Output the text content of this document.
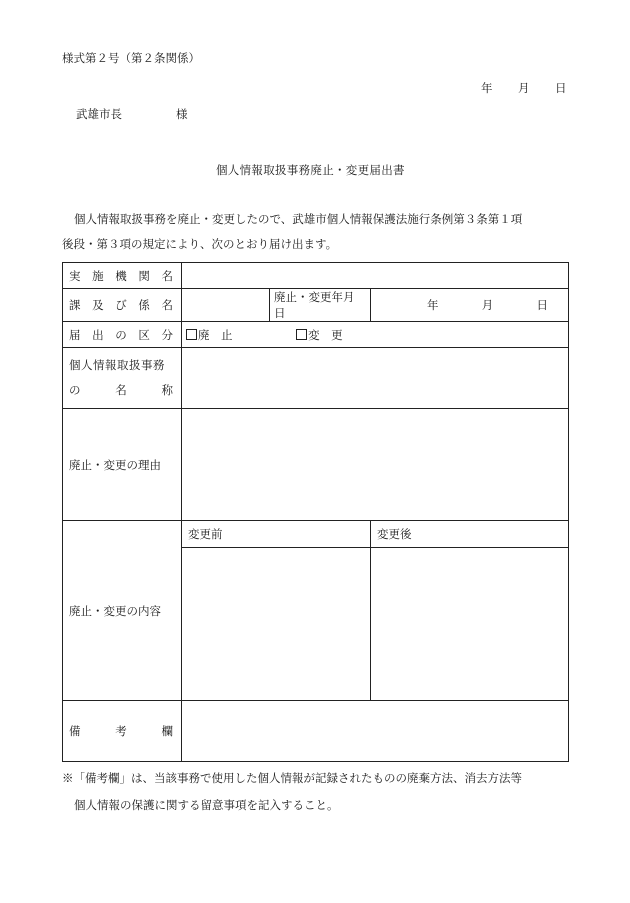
様式第２号（第２条関係）
年 月 日
武雄市長	様
個人情報取扱事務廃止・変更届出書
個人情報取扱事務を廃止・変更したので、武雄市個人情報保護法施行条例第３条第１項
後段・第３項の規定により、次のとおり届け出ます。
実 施 機 関 名			

課 及 び 係 名		廃止・変更年月日	年 月 日

届 出 の 区 分	廃　止 変　更		

個人情報取扱事務
の 名 称			

廃止・変更の理由			
廃止・変更の内容	変更前		変更後

備 考 欄			

※「備考欄」は、当該事務で使用した個人情報が記録されたものの廃棄方法、消去方法等
個人情報の保護に関する留意事項を記入すること。
